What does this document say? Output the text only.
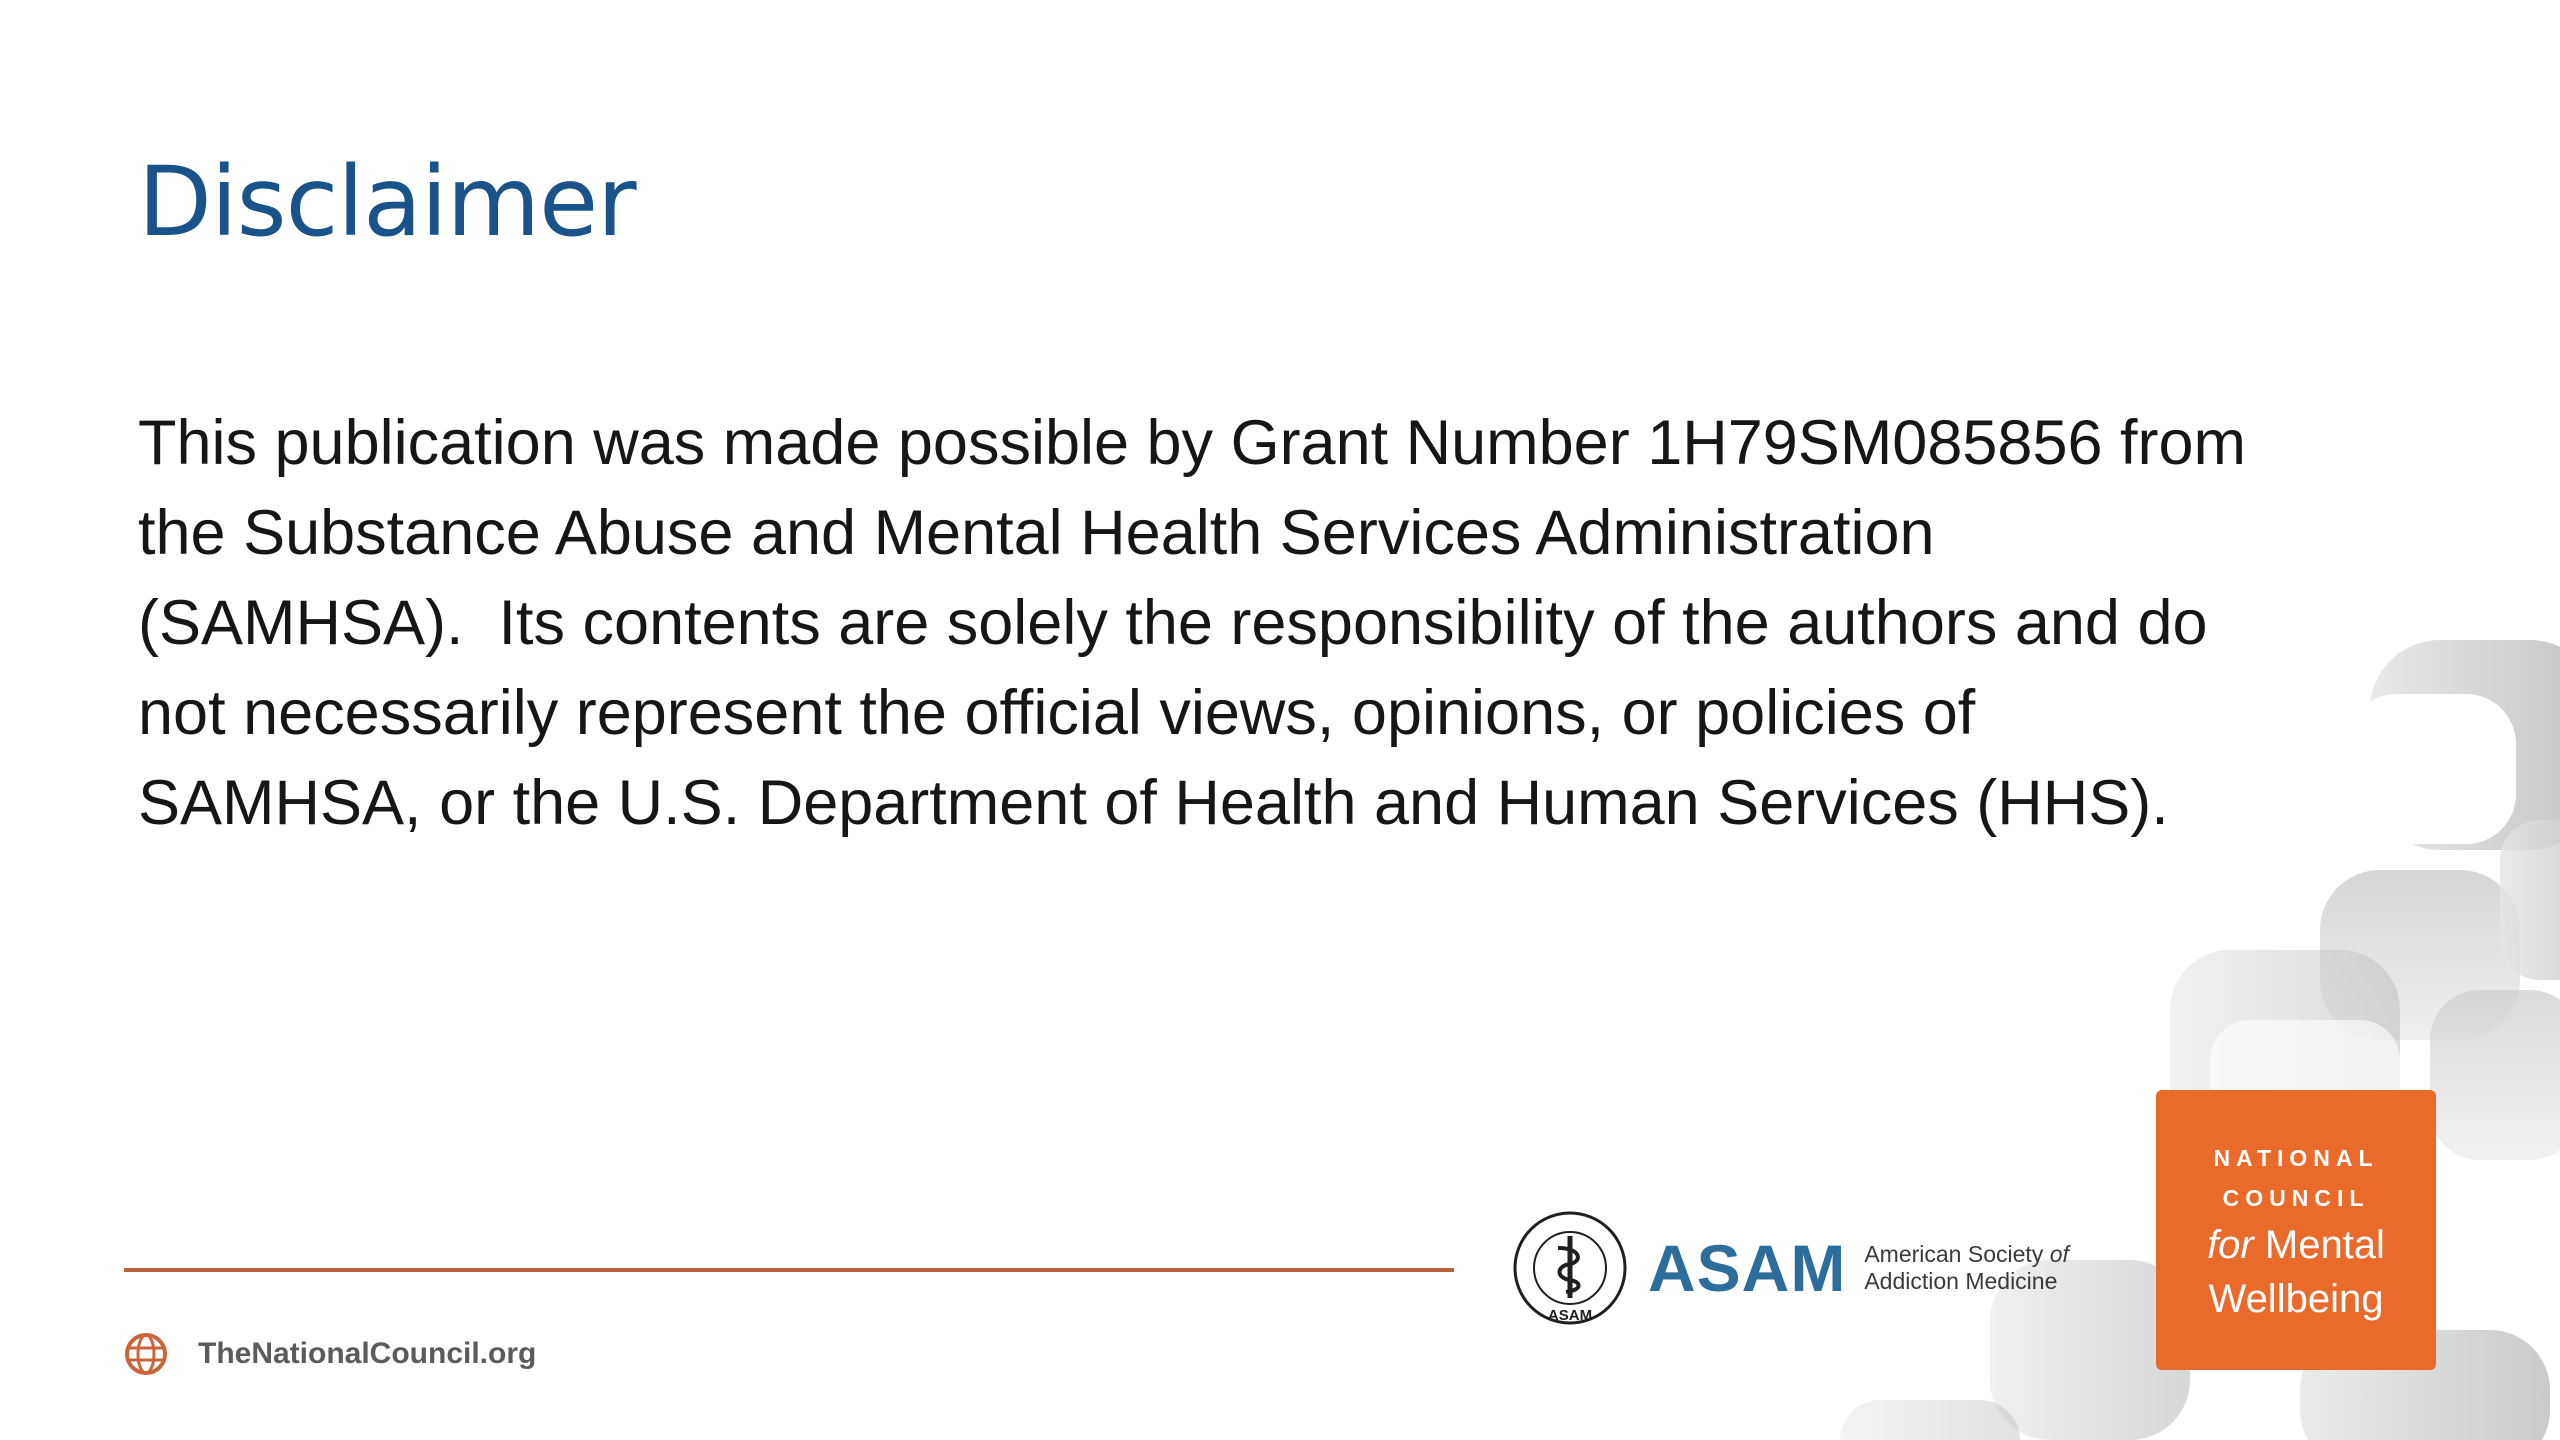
Disclaimer
This publication was made possible by Grant Number 1H79SM085856 from
the Substance Abuse and Mental Health Services Administration
(SAMHSA).  Its contents are solely the responsibility of the authors and do
not necessarily represent the official views, opinions, or policies of
SAMHSA, or the U.S. Department of Health and Human Services (HHS).
TheNationalCouncil.org
ASAM
ASAM American Society of
Addiction Medicine
NATIONAL
COUNCIL
for Mental
Wellbeing
